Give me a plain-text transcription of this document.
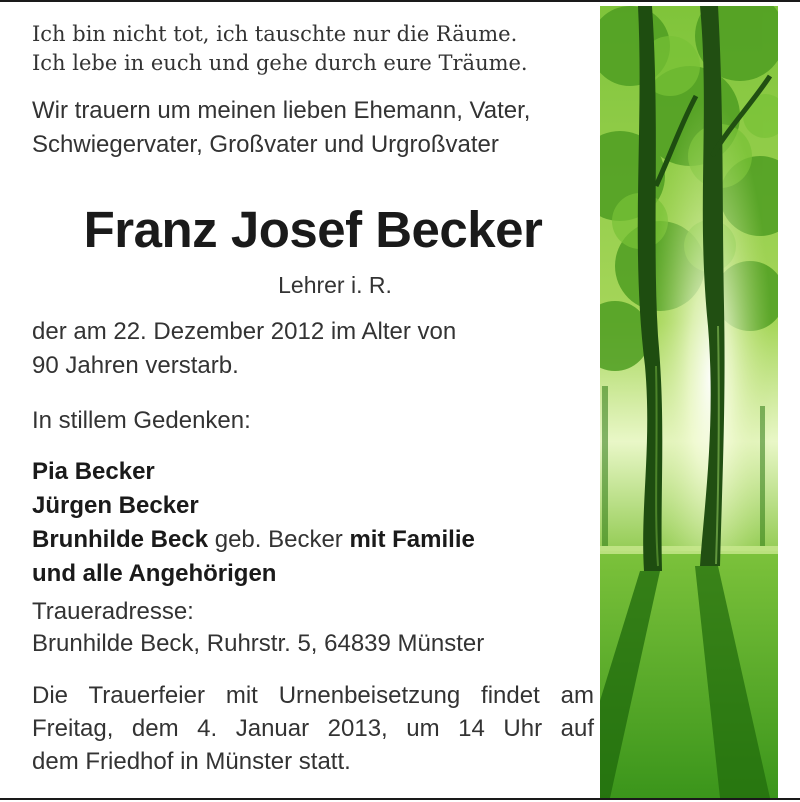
Ich bin nicht tot, ich tauschte nur die Räume.
Ich lebe in euch und gehe durch eure Träume.
Wir trauern um meinen lieben Ehemann, Vater,
Schwiegervater, Großvater und Urgroßvater
Franz Josef Becker
Lehrer i. R.
der am 22. Dezember 2012 im Alter von
90 Jahren verstarb.
In stillem Gedenken:
Pia Becker
Jürgen Becker
Brunhilde Beck geb. Becker mit Familie
und alle Angehörigen
Traueradresse:
Brunhilde Beck, Ruhrstr. 5, 64839 Münster
Die Trauerfeier mit Urnenbeisetzung findet am
Freitag, dem 4. Januar 2013, um 14 Uhr auf
dem Friedhof in Münster statt.
